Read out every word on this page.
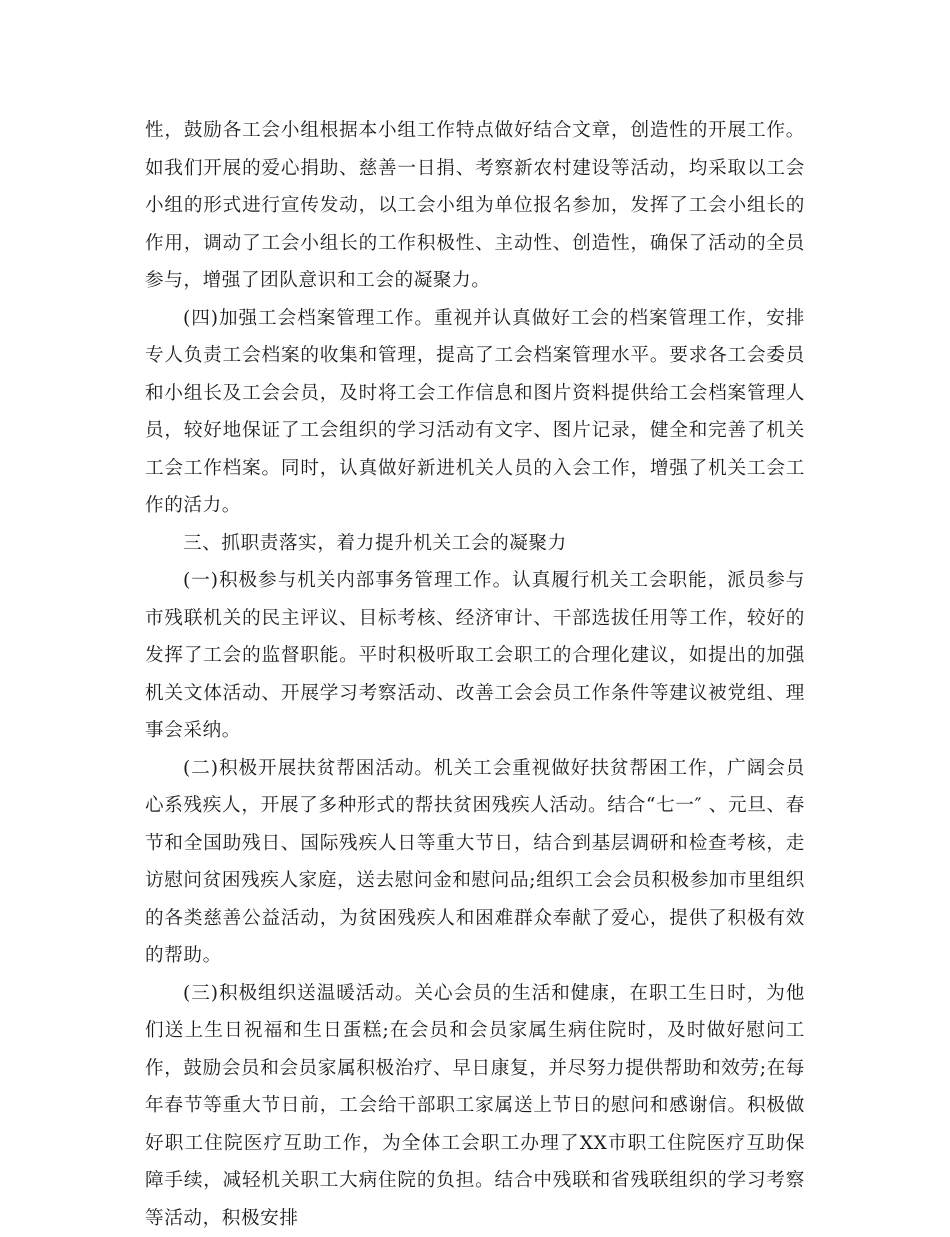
性，鼓励各工会小组根据本小组工作特点做好结合文章，创造性的开展工作。如我们开展的爱心捐助、慈善一日捐、考察新农村建设等活动，均采取以工会小组的形式进行宣传发动，以工会小组为单位报名参加，发挥了工会小组长的作用，调动了工会小组长的工作积极性、主动性、创造性，确保了活动的全员参与，增强了团队意识和工会的凝聚力。

(四)加强工会档案管理工作。重视并认真做好工会的档案管理工作，安排专人负责工会档案的收集和管理，提高了工会档案管理水平。要求各工会委员和小组长及工会会员，及时将工会工作信息和图片资料提供给工会档案管理人员，较好地保证了工会组织的学习活动有文字、图片记录，健全和完善了机关工会工作档案。同时，认真做好新进机关人员的入会工作，增强了机关工会工作的活力。

三、抓职责落实，着力提升机关工会的凝聚力

(一)积极参与机关内部事务管理工作。认真履行机关工会职能，派员参与市残联机关的民主评议、目标考核、经济审计、干部选拔任用等工作，较好的发挥了工会的监督职能。平时积极听取工会职工的合理化建议，如提出的加强机关文体活动、开展学习考察活动、改善工会会员工作条件等建议被党组、理事会采纳。

(二)积极开展扶贫帮困活动。机关工会重视做好扶贫帮困工作，广阔会员心系残疾人，开展了多种形式的帮扶贫困残疾人活动。结合“七一″ 、元旦、春节和全国助残日、国际残疾人日等重大节日，结合到基层调研和检查考核，走访慰问贫困残疾人家庭，送去慰问金和慰问品;组织工会会员积极参加市里组织的各类慈善公益活动，为贫困残疾人和困难群众奉献了爱心，提供了积极有效的帮助。

(三)积极组织送温暖活动。关心会员的生活和健康，在职工生日时，为他们送上生日祝福和生日蛋糕;在会员和会员家属生病住院时，及时做好慰问工作，鼓励会员和会员家属积极治疗、早日康复，并尽努力提供帮助和效劳;在每年春节等重大节日前，工会给干部职工家属送上节日的慰问和感谢信。积极做好职工住院医疗互助工作，为全体工会职工办理了XX市职工住院医疗互助保障手续，减轻机关职工大病住院的负担。结合中残联和省残联组织的学习考察等活动，积极安排
